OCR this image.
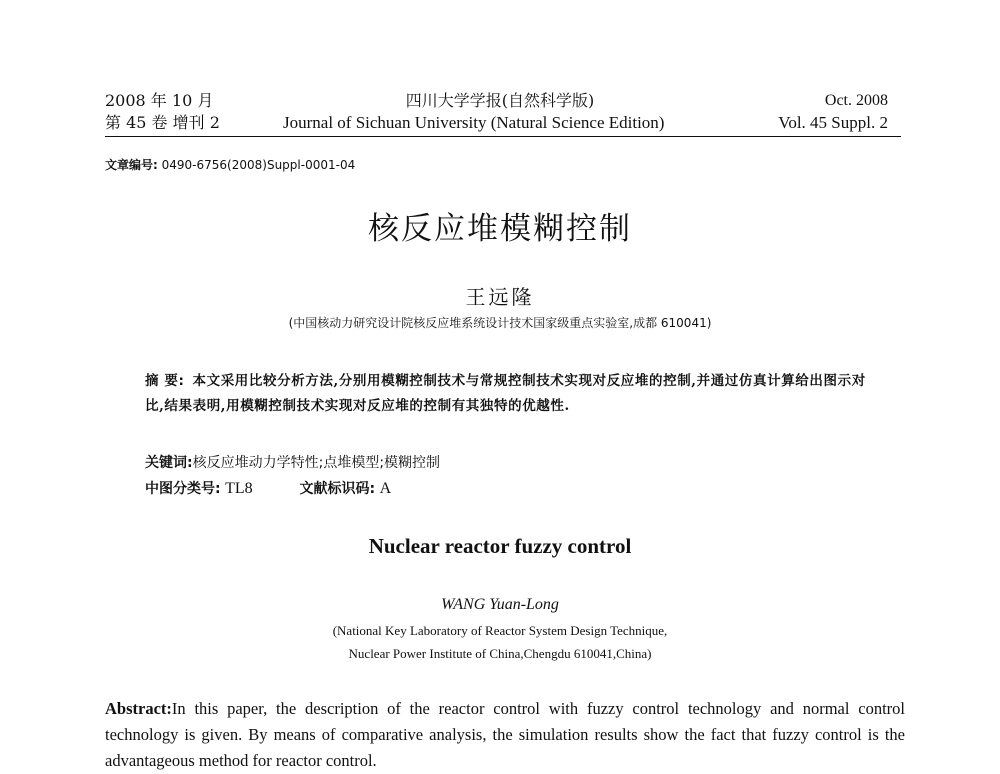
2008 年 10 月
第 45 卷 增刊 2
四川大学学报(自然科学版)
Journal of Sichuan University (Natural Science Edition)
Oct. 2008
Vol. 45 Suppl. 2
文章编号: 0490-6756(2008)Suppl-0001-04
核反应堆模糊控制
王远隆
(中国核动力研究设计院核反应堆系统设计技术国家级重点实验室,成都 610041)
摘 要: 本文采用比较分析方法,分别用模糊控制技术与常规控制技术实现对反应堆的控制,并通过仿真计算给出图示对比,结果表明,用模糊控制技术实现对反应堆的控制有其独特的优越性.
关键词:核反应堆动力学特性;点堆模型;模糊控制
中图分类号: TL8	文献标识码: A
Nuclear reactor fuzzy control
WANG Yuan-Long
(National Key Laboratory of Reactor System Design Technique,
Nuclear Power Institute of China,Chengdu 610041,China)
Abstract:In this paper, the description of the reactor control with fuzzy control technology and normal control technology is given. By means of comparative analysis, the simulation results show the fact that fuzzy control is the advantageous method for reactor control.
